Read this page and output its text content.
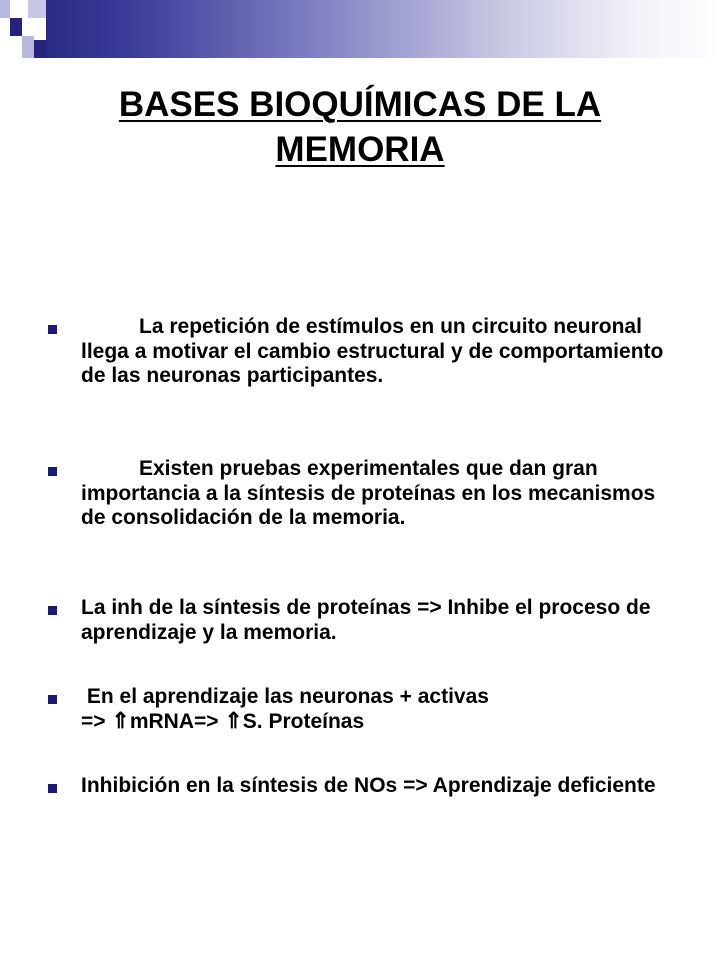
BASES BIOQUÍMICAS DE LA
MEMORIA
La repetición de estímulos en un circuito neuronal llega a motivar el cambio estructural y de comportamiento de las neuronas participantes.
Existen pruebas experimentales que dan gran importancia a la síntesis de proteínas en los mecanismos de consolidación de la memoria.
La inh de la síntesis de proteínas => Inhibe el proceso de aprendizaje y la memoria.
En el aprendizaje las neuronas + activas
=> ⇑mRNA=> ⇑S. Proteínas
Inhibición en la síntesis de NOs => Aprendizaje deficiente
